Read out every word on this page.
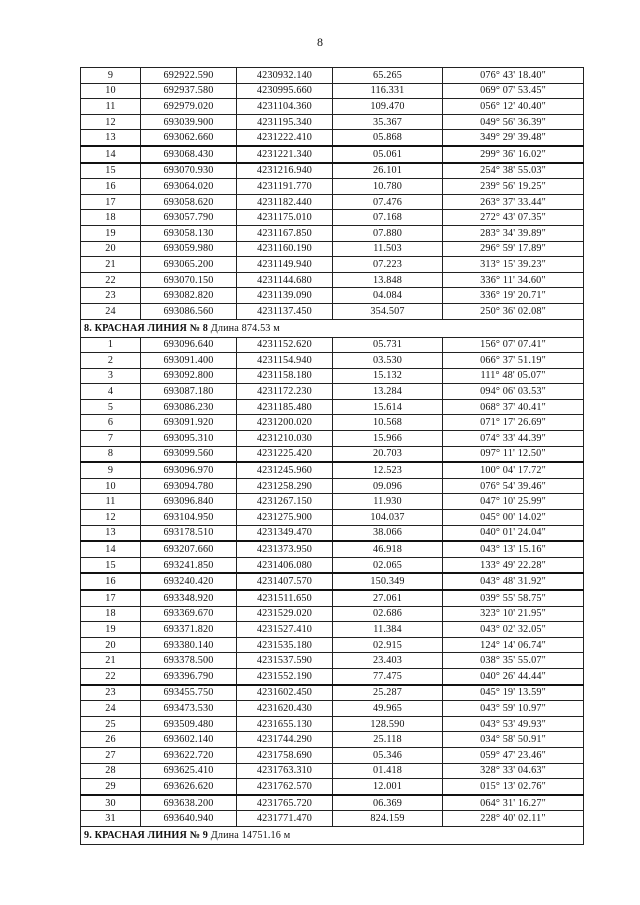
8
9	692922.590	4230932.140	65.265	076° 43' 18.40"
10	692937.580	4230995.660	116.331	069° 07' 53.45"
11	692979.020	4231104.360	109.470	056° 12' 40.40"
12	693039.900	4231195.340	35.367	049° 56' 36.39"
13	693062.660	4231222.410	05.868	349° 29' 39.48"
14	693068.430	4231221.340	05.061	299° 36' 16.02"
15	693070.930	4231216.940	26.101	254° 38' 55.03"
16	693064.020	4231191.770	10.780	239° 56' 19.25"
17	693058.620	4231182.440	07.476	263° 37' 33.44"
18	693057.790	4231175.010	07.168	272° 43' 07.35"
19	693058.130	4231167.850	07.880	283° 34' 39.89"
20	693059.980	4231160.190	11.503	296° 59' 17.89"
21	693065.200	4231149.940	07.223	313° 15' 39.23"
22	693070.150	4231144.680	13.848	336° 11' 34.60"
23	693082.820	4231139.090	04.084	336° 19' 20.71"
24	693086.560	4231137.450	354.507	250° 36' 02.08"
8. КРАСНАЯ ЛИНИЯ № 8 Длина 874.53 м				
1	693096.640	4231152.620	05.731	156° 07' 07.41"
2	693091.400	4231154.940	03.530	066° 37' 51.19"
3	693092.800	4231158.180	15.132	111° 48' 05.07"
4	693087.180	4231172.230	13.284	094° 06' 03.53"
5	693086.230	4231185.480	15.614	068° 37' 40.41"
6	693091.920	4231200.020	10.568	071° 17' 26.69"
7	693095.310	4231210.030	15.966	074° 33' 44.39"
8	693099.560	4231225.420	20.703	097° 11' 12.50"
9	693096.970	4231245.960	12.523	100° 04' 17.72"
10	693094.780	4231258.290	09.096	076° 54' 39.46"
11	693096.840	4231267.150	11.930	047° 10' 25.99"
12	693104.950	4231275.900	104.037	045° 00' 14.02"
13	693178.510	4231349.470	38.066	040° 01' 24.04"
14	693207.660	4231373.950	46.918	043° 13' 15.16"
15	693241.850	4231406.080	02.065	133° 49' 22.28"
16	693240.420	4231407.570	150.349	043° 48' 31.92"
17	693348.920	4231511.650	27.061	039° 55' 58.75"
18	693369.670	4231529.020	02.686	323° 10' 21.95"
19	693371.820	4231527.410	11.384	043° 02' 32.05"
20	693380.140	4231535.180	02.915	124° 14' 06.74"
21	693378.500	4231537.590	23.403	038° 35' 55.07"
22	693396.790	4231552.190	77.475	040° 26' 44.44"
23	693455.750	4231602.450	25.287	045° 19' 13.59"
24	693473.530	4231620.430	49.965	043° 59' 10.97"
25	693509.480	4231655.130	128.590	043° 53' 49.93"
26	693602.140	4231744.290	25.118	034° 58' 50.91"
27	693622.720	4231758.690	05.346	059° 47' 23.46"
28	693625.410	4231763.310	01.418	328° 33' 04.63"
29	693626.620	4231762.570	12.001	015° 13' 02.76"
30	693638.200	4231765.720	06.369	064° 31' 16.27"
31	693640.940	4231771.470	824.159	228° 40' 02.11"
9. КРАСНАЯ ЛИНИЯ № 9 Длина 14751.16 м				
